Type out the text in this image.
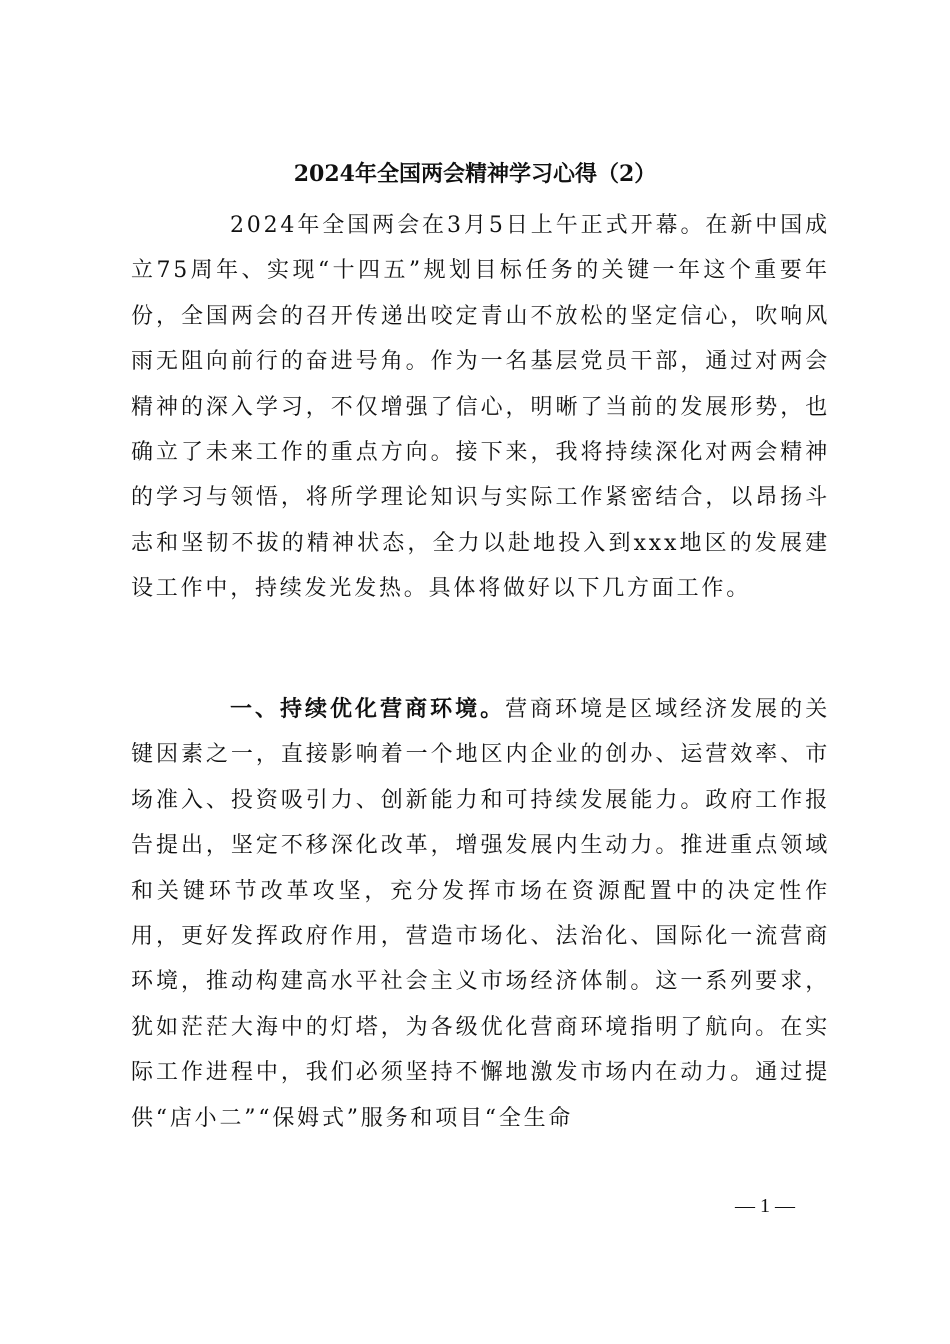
2024年全国两会精神学习心得（2）

2024年全国两会在3月5日上午正式开幕。在新中国成立75周年、实现“十四五”规划目标任务的关键一年这个重要年份，全国两会的召开传递出咬定青山不放松的坚定信心，吹响风雨无阻向前行的奋进号角。作为一名基层党员干部，通过对两会精神的深入学习，不仅增强了信心，明晰了当前的发展形势，也确立了未来工作的重点方向。接下来，我将持续深化对两会精神的学习与领悟，将所学理论知识与实际工作紧密结合，以昂扬斗志和坚韧不拔的精神状态，全力以赴地投入到xxx地区的发展建设工作中，持续发光发热。具体将做好以下几方面工作。

一、持续优化营商环境。营商环境是区域经济发展的关键因素之一，直接影响着一个地区内企业的创办、运营效率、市场准入、投资吸引力、创新能力和可持续发展能力。政府工作报告提出，坚定不移深化改革，增强发展内生动力。推进重点领域和关键环节改革攻坚，充分发挥市场在资源配置中的决定性作用，更好发挥政府作用，营造市场化、法治化、国际化一流营商环境，推动构建高水平社会主义市场经济体制。这一系列要求，犹如茫茫大海中的灯塔，为各级优化营商环境指明了航向。在实际工作进程中，我们必须坚持不懈地激发市场内在动力。通过提供“店小二”“保姆式”服务和项目“全生命

— 1 —
